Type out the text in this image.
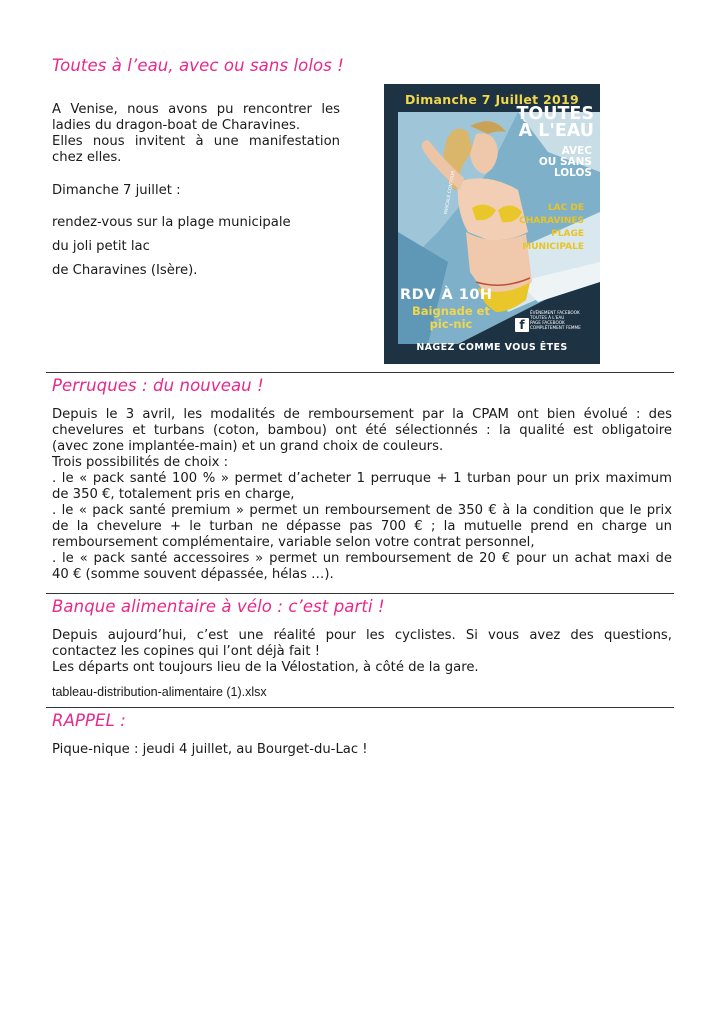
Toutes à l’eau, avec ou sans lolos !

A Venise, nous avons pu rencontrer les

ladies du dragon-boat de Charavines.

Elles nous invitent à une manifestation

chez elles.

Dimanche 7 juillet :

rendez-vous sur la plage municipale

du joli petit lac

de Charavines (Isère).

Dimanche 7 Juillet 2019
TOUTES
À L'EAU
AVEC
OU SANS
LOLOS
LAC DE
CHARAVINES
PLAGE
MUNICIPALE
PASCALE CONTOUR
RDV À 10H
Baignade et
pic-nic	f
ÉVÉNEMENT FACEBOOK
TOUTES À L'EAU
PAGE FACEBOOK
COMPLÈTEMENT FEMME
NAGEZ COMME VOUS ÊTES
Perruques : du nouveau !

Depuis le 3 avril, les modalités de remboursement par la CPAM ont bien évolué : des

chevelures et turbans (coton, bambou) ont été sélectionnés : la qualité est obligatoire

(avec zone implantée-main) et un grand choix de couleurs.

Trois possibilités de choix :

. le « pack santé 100 % » permet d’acheter 1 perruque + 1 turban pour un prix maximum

de 350 €, totalement pris en charge,

. le « pack santé premium » permet un remboursement de 350 € à la condition que le prix

de la chevelure + le turban ne dépasse pas 700 € ; la mutuelle prend en charge un

remboursement complémentaire, variable selon votre contrat personnel,

. le « pack santé accessoires » permet un remboursement de 20 € pour un achat maxi de

40 € (somme souvent dépassée, hélas …).

Banque alimentaire à vélo : c’est parti !

Depuis aujourd’hui, c’est une réalité pour les cyclistes. Si vous avez des questions,

contactez les copines qui l’ont déjà fait !

Les départs ont toujours lieu de la Vélostation, à côté de la gare.

tableau-distribution-alimentaire (1).xlsx

RAPPEL :

Pique-nique : jeudi 4 juillet, au Bourget-du-Lac !
